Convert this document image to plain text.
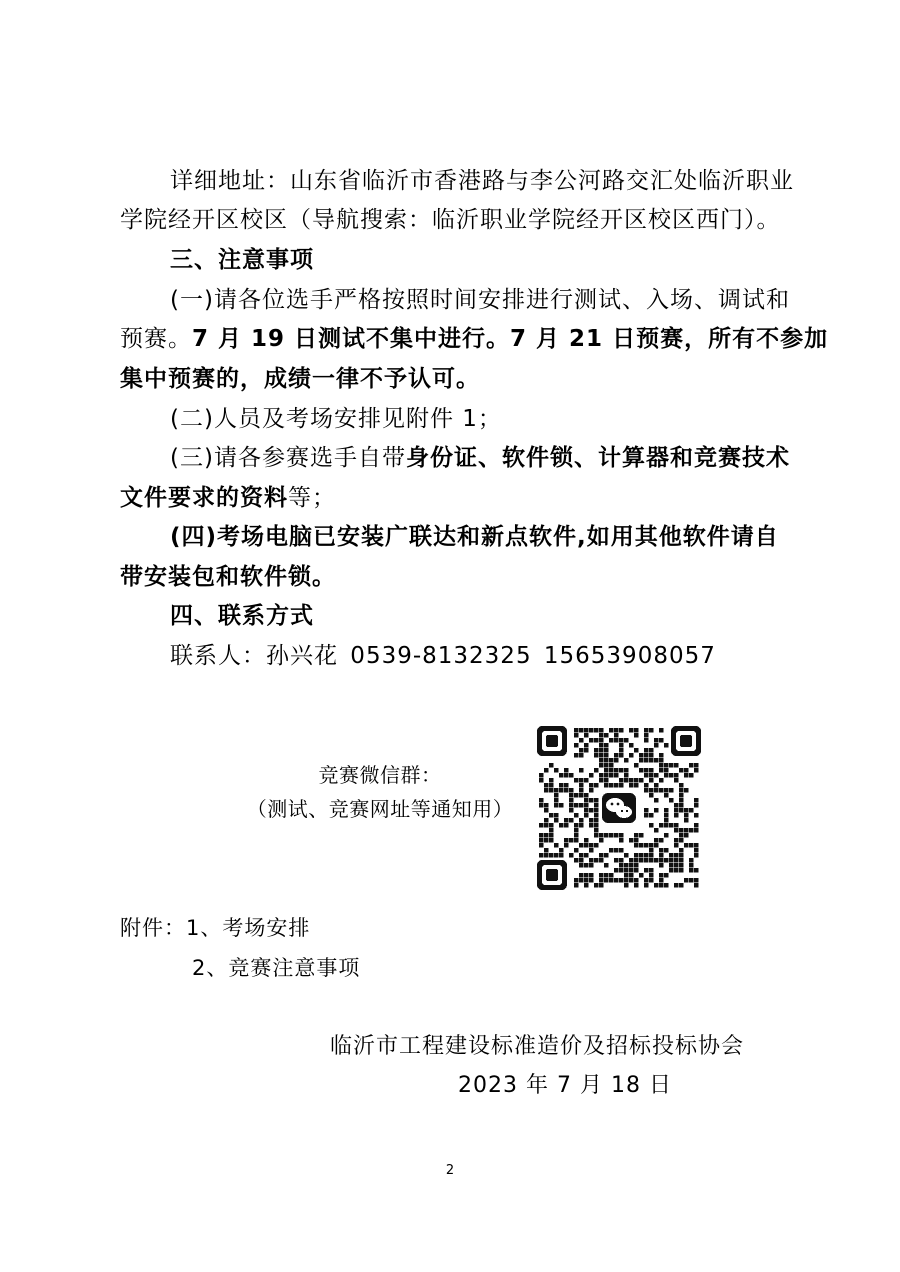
详细地址：山东省临沂市香港路与李公河路交汇处临沂职业
学院经开区校区（导航搜索：临沂职业学院经开区校区西门）。
三、注意事项
(一)请各位选手严格按照时间安排进行测试、入场、调试和
预赛。7 月 19 日测试不集中进行。7 月 21 日预赛，所有不参加
集中预赛的，成绩一律不予认可。
(二)人员及考场安排见附件 1；
(三)请各参赛选手自带身份证、软件锁、计算器和竞赛技术
文件要求的资料等；
(四)考场电脑已安装广联达和新点软件,如用其他软件请自
带安装包和软件锁。
四、联系方式
联系人：孙兴花 0539-8132325 15653908057
竞赛微信群：
（测试、竞赛网址等通知用）
附件：1、考场安排
2、竞赛注意事项
临沂市工程建设标准造价及招标投标协会
2023 年 7 月 18 日
2
